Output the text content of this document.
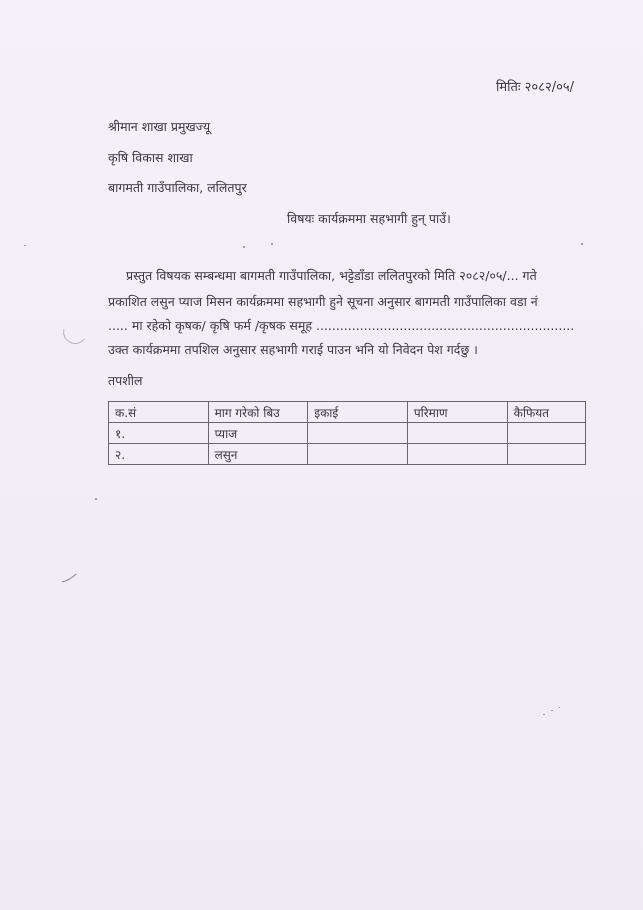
मितिः २०८२/०५/
श्रीमान शाखा प्रमुखज्यू
कृषि विकास शाखा
बागमती गाउँपालिका, ललितपुर
विषयः कार्यक्रममा सहभागी हुन् पाउँ।
प्रस्तुत विषयक सम्बन्धमा बागमती गाउँपालिका, भट्टेडाँडा ललितपुरको मिति २०८२/०५/... गते
प्रकाशित लसुन प्याज मिसन कार्यक्रममा सहभागी हुने सूचना अनुसार बागमती गाउँपालिका वडा नं
..... मा रहेको कृषक/ कृषि फर्म /कृषक समूह .................................................................
उक्त कार्यक्रममा तपशिल अनुसार सहभागी गराई पाउन भनि यो निवेदन पेश गर्दछु ।
तपशील
क.सं	माग गरेको बिउ	इकाई	परिमाण	कैफियत
१.	प्याज			
२.	लसुन			
